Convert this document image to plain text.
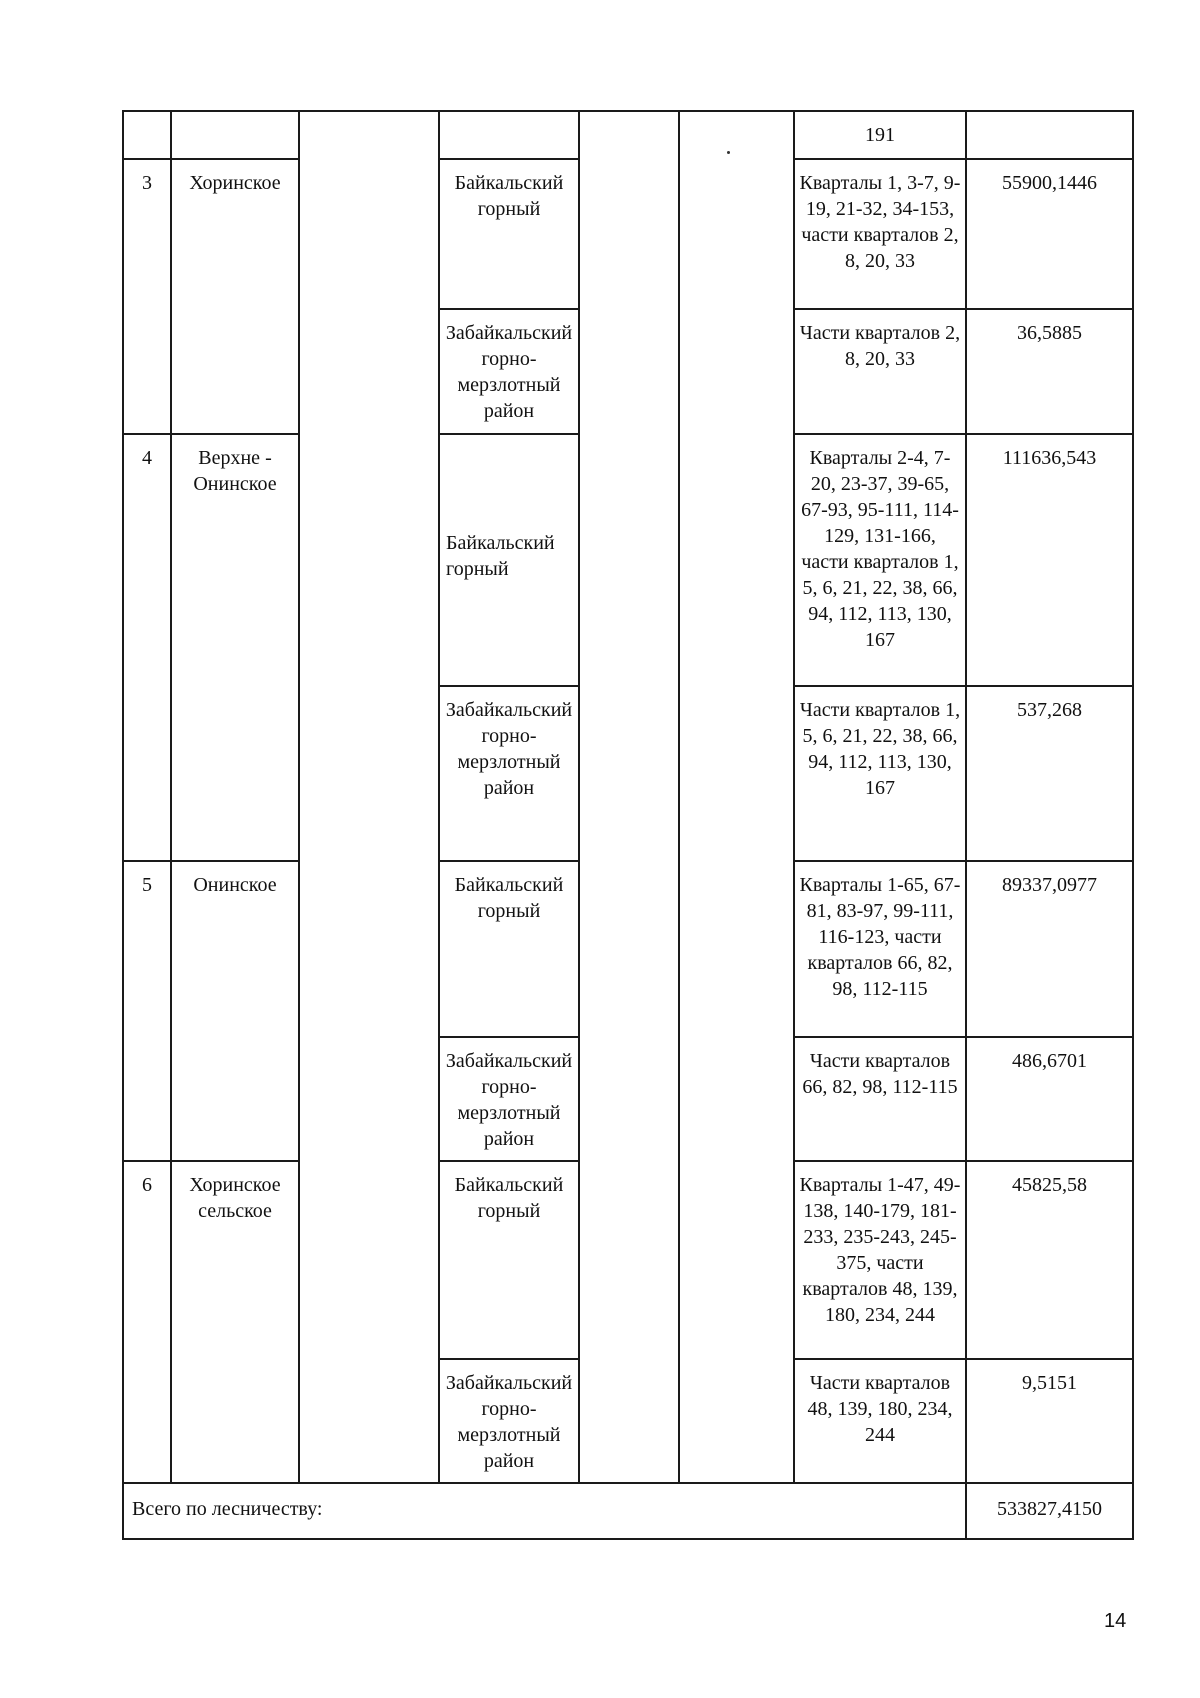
						191	
3	Хоринское		Байкальский горный			Кварталы 1, 3-7, 9-19, 21-32, 34-153, части кварталов 2, 8, 20, 33	55900,1446
			Забайкальский горно-мерзлотный район			Части кварталов 2, 8, 20, 33	36,5885
4	Верхне - Онинское		Байкальский горный			Кварталы 2-4, 7-20, 23-37, 39-65, 67-93, 95-111, 114-129, 131-166, части кварталов 1, 5, 6, 21, 22, 38, 66, 94, 112, 113, 130, 167	111636,543
			Забайкальский горно-мерзлотный район			Части кварталов 1, 5, 6, 21, 22, 38, 66, 94, 112, 113, 130, 167	537,268
5	Онинское		Байкальский горный			Кварталы 1-65, 67-81, 83-97, 99-111, 116-123, части кварталов 66, 82, 98, 112-115	89337,0977
			Забайкальский горно-мерзлотный район			Части кварталов 66, 82, 98, 112-115	486,6701
6	Хоринское сельское		Байкальский горный			Кварталы 1-47, 49-138, 140-179, 181-233, 235-243, 245-375, части кварталов 48, 139, 180, 234, 244	45825,58
			Забайкальский горно-мерзлотный район			Части кварталов 48, 139, 180, 234, 244	9,5151
Всего по лесничеству:							533827,4150
14
